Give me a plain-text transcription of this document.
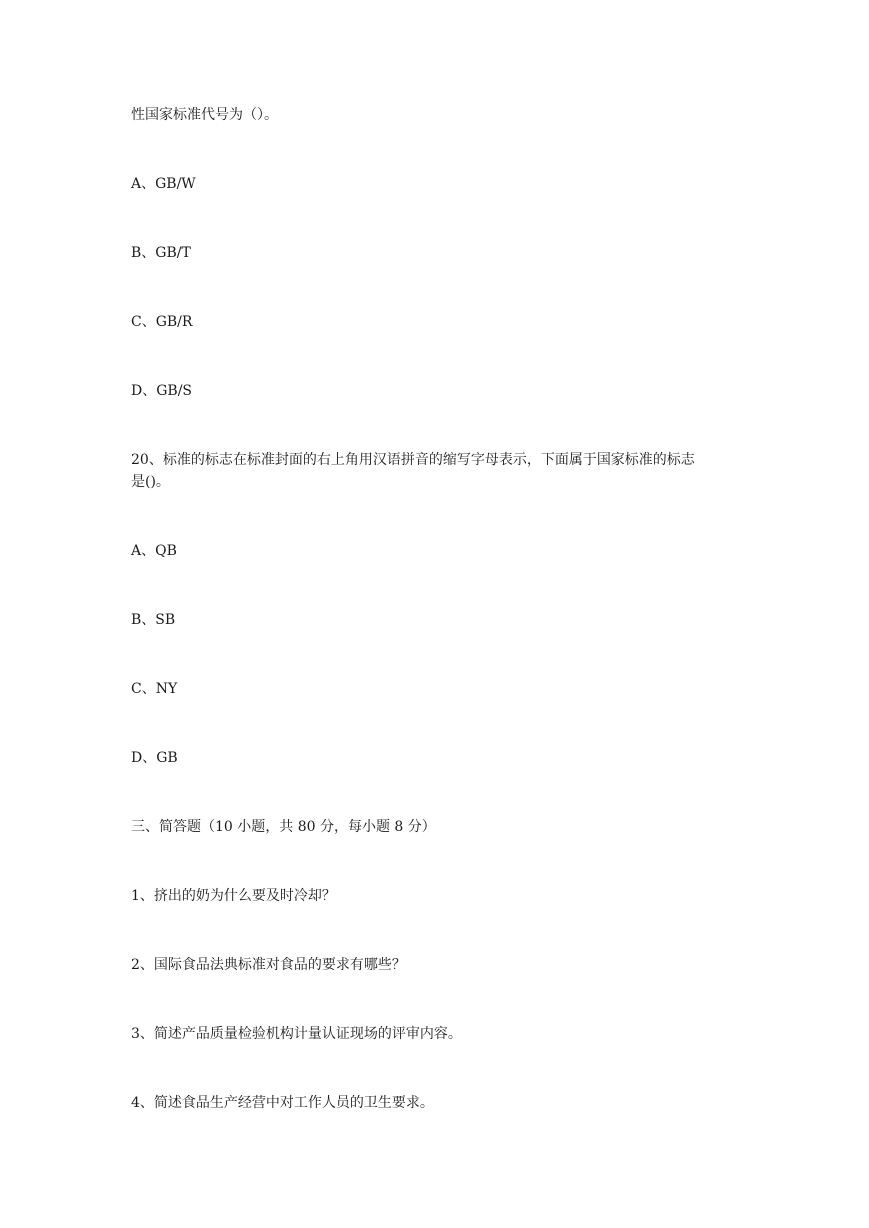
性国家标准代号为（）。
A、GB/W
B、GB/T
C、GB/R
D、GB/S
20、标准的标志在标准封面的右上角用汉语拼音的缩写字母表示，下面属于国家标准的标志
是()。
A、QB
B、SB
C、NY
D、GB
三、简答题（10 小题，共 80 分，每小题 8 分）
1、挤出的奶为什么要及时冷却？
2、国际食品法典标准对食品的要求有哪些？
3、简述产品质量检验机构计量认证现场的评审内容。
4、简述食品生产经营中对工作人员的卫生要求。
